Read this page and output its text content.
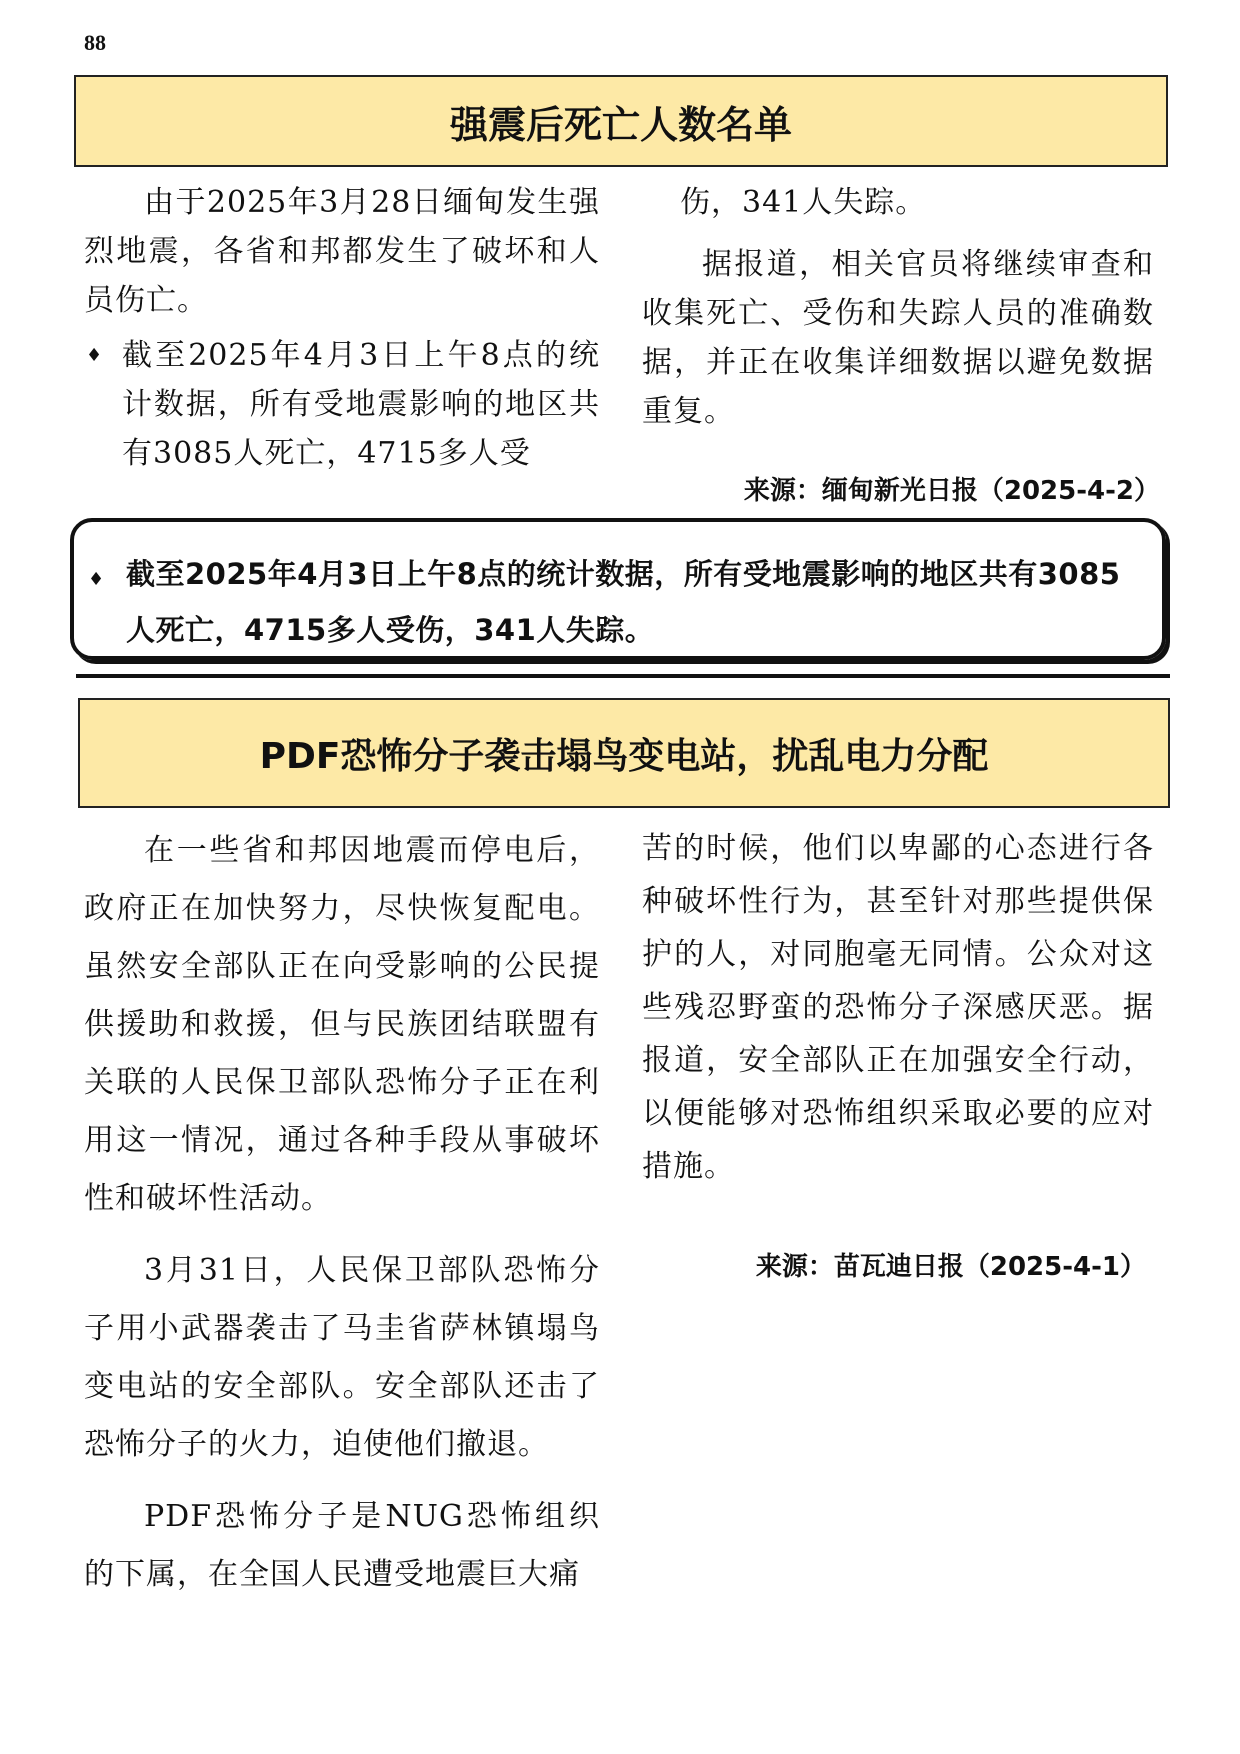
88
强震后死亡人数名单

由于2025年3月28日缅甸发生强烈地震，各省和邦都发生了破坏和人员伤亡。

♦ 截至2025年4月3日上午8点的统计数据，所有受地震影响的地区共有3085人死亡，4715多人受

伤，341人失踪。

据报道，相关官员将继续审查和收集死亡、受伤和失踪人员的准确数据，并正在收集详细数据以避免数据重复。

来源：缅甸新光日报（2025-4-2）
♦ 截至2025年4月3日上午8点的统计数据，所有受地震影响的地区共有3085人死亡，4715多人受伤，341人失踪。
PDF恐怖分子袭击塌鸟变电站，扰乱电力分配

在一些省和邦因地震而停电后，政府正在加快努力，尽快恢复配电。虽然安全部队正在向受影响的公民提供援助和救援，但与民族团结联盟有关联的人民保卫部队恐怖分子正在利用这一情况，通过各种手段从事破坏性和破坏性活动。

3月31日，人民保卫部队恐怖分子用小武器袭击了马圭省萨林镇塌鸟变电站的安全部队。安全部队还击了恐怖分子的火力，迫使他们撤退。

PDF恐怖分子是NUG恐怖组织的下属，在全国人民遭受地震巨大痛

苦的时候，他们以卑鄙的心态进行各种破坏性行为，甚至针对那些提供保护的人，对同胞毫无同情。公众对这些残忍野蛮的恐怖分子深感厌恶。据报道，安全部队正在加强安全行动，以便能够对恐怖组织采取必要的应对措施。

来源：苗瓦迪日报（2025-4-1）
